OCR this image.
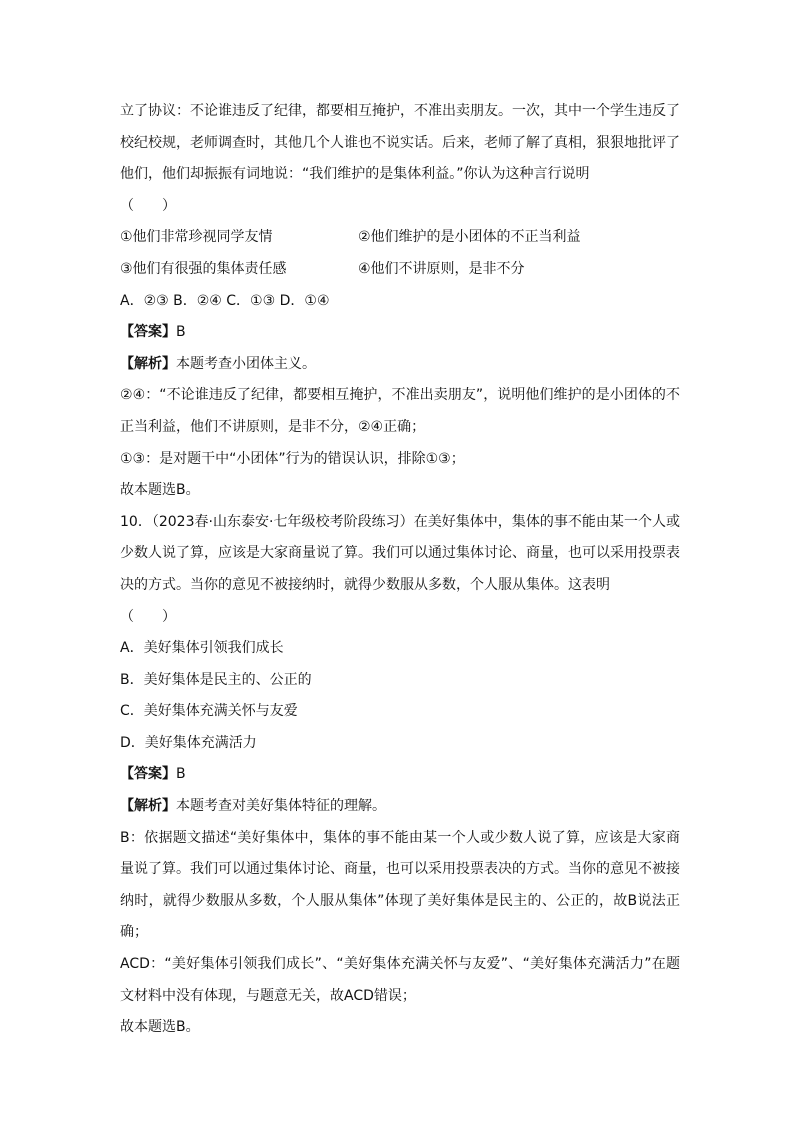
立了协议：不论谁违反了纪律，都要相互掩护，不准出卖朋友。一次，其中一个学生违反了校纪校规，老师调查时，其他几个人谁也不说实话。后来，老师了解了真相，狠狠地批评了他们，他们却振振有词地说：“我们维护的是集体利益。”你认为这种言行说明
（　　）
①他们非常珍视同学友情	②他们维护的是小团体的不正当利益
③他们有很强的集体责任感	④他们不讲原则，是非不分
A．②③ B．②④ C．①③ D．①④
【答案】B
【解析】本题考查小团体主义。
②④：“不论谁违反了纪律，都要相互掩护，不准出卖朋友”，说明他们维护的是小团体的不正当利益，他们不讲原则，是非不分，②④正确；
①③：是对题干中“小团体”行为的错误认识，排除①③；
故本题选B。
10．（2023春·山东泰安·七年级校考阶段练习）在美好集体中，集体的事不能由某一个人或少数人说了算，应该是大家商量说了算。我们可以通过集体讨论、商量，也可以采用投票表决的方式。当你的意见不被接纳时，就得少数服从多数，个人服从集体。这表明
（　　）
A．美好集体引领我们成长
B．美好集体是民主的、公正的
C．美好集体充满关怀与友爱
D．美好集体充满活力
【答案】B
【解析】本题考查对美好集体特征的理解。
B：依据题文描述“美好集体中，集体的事不能由某一个人或少数人说了算，应该是大家商量说了算。我们可以通过集体讨论、商量，也可以采用投票表决的方式。当你的意见不被接纳时，就得少数服从多数，个人服从集体”体现了美好集体是民主的、公正的，故B说法正确；
ACD：“美好集体引领我们成长”、“美好集体充满关怀与友爱”、“美好集体充满活力”在题文材料中没有体现，与题意无关，故ACD错误；
故本题选B。
